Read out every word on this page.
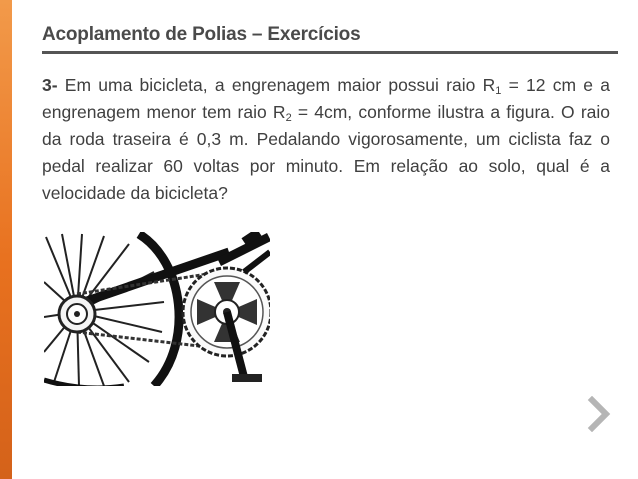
Acoplamento de Polias – Exercícios
3- Em uma bicicleta, a engrenagem maior possui raio $R_1 = 12$ cm e a engrenagem menor tem raio $R_2 = 4cm$, conforme ilustra a figura. O raio da roda traseira é 0,3 m. Pedalando vigorosamente, um ciclista faz o pedal realizar 60 voltas por minuto. Em relação ao solo, qual é a velocidade da bicicleta?
